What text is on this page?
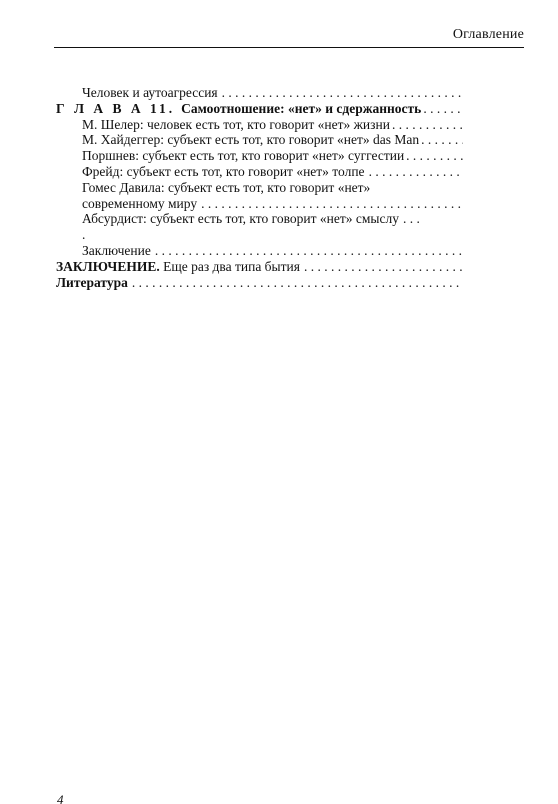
Оглавление
Человек и аутоагрессия
. . .
Г Л А В А 11. Самоотношение: «нет» и сдержанность
. . .
М. Шелер: человек есть тот, кто говорит «нет» жизни
. . .
М. Хайдеггер: субъект есть тот, кто говорит «нет» das Man
. . .
Поршнев: субъект есть тот, кто говорит «нет» суггестии
. . .
Фрейд: субъект есть тот, кто говорит «нет» толпе
. . .
Гомес Давила: субъект есть тот, кто говорит «нет»
современному миру
. . .
Абсурдист: субъект есть тот, кто говорит «нет» смыслу
. . .
.
Заключение
. . .
ЗАКЛЮЧЕНИЕ. Еще раз два типа бытия
. . .
Литература
. . .
4
